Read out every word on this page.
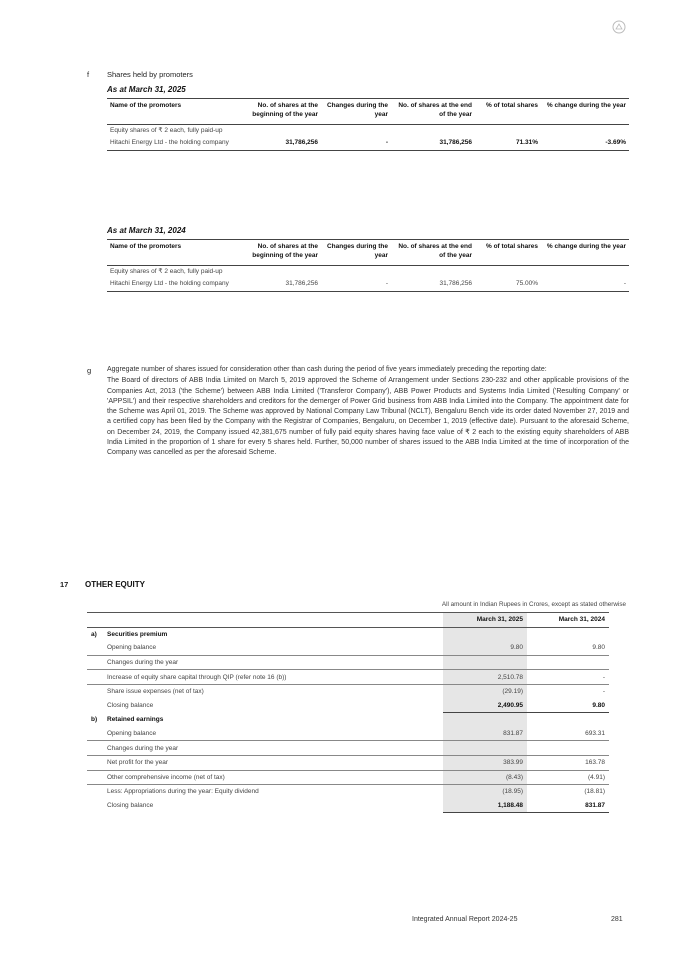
f Shares held by promoters
As at March 31, 2025
Name of the promoters	No. of shares at the beginning of the year	Changes during the year	No. of shares at the end of the year	% of total shares	% change during the year
Equity shares of ₹ 2 each, fully paid-up					
Hitachi Energy Ltd - the holding company	31,786,256	-	31,786,256	71.31%	-3.69%
As at March 31, 2024
Name of the promoters	No. of shares at the beginning of the year	Changes during the year	No. of shares at the end of the year	% of total shares	% change during the year
Equity shares of ₹ 2 each, fully paid-up					
Hitachi Energy Ltd - the holding company	31,786,256	-	31,786,256	75.00%	-
g Aggregate number of shares issued for consideration other than cash during the period of five years immediately preceding the reporting date:
The Board of directors of ABB India Limited on March 5, 2019 approved the Scheme of Arrangement under Sections 230-232 and other applicable provisions of the Companies Act, 2013 ('the Scheme') between ABB India Limited ('Transferor Company'), ABB Power Products and Systems India Limited ('Resulting Company' or 'APPSIL') and their respective shareholders and creditors for the demerger of Power Grid business from ABB India Limited into the Company. The appointment date for the Scheme was April 01, 2019. The Scheme was approved by National Company Law Tribunal (NCLT), Bengaluru Bench vide its order dated November 27, 2019 and a certified copy has been filed by the Company with the Registrar of Companies, Bengaluru, on December 1, 2019 (effective date). Pursuant to the aforesaid Scheme, on December 24, 2019, the Company issued 42,381,675 number of fully paid equity shares having face value of ₹ 2 each to the existing equity shareholders of ABB India Limited in the proportion of 1 share for every 5 shares held. Further, 50,000 number of shares issued to the ABB India Limited at the time of incorporation of the Company was cancelled as per the aforesaid Scheme.
17 OTHER EQUITY
All amount in Indian Rupees in Crores, except as stated otherwise
		March 31, 2025	March 31, 2024
a)	Securities premium		
	Opening balance	9.80	9.80
	Changes during the year		
	Increase of equity share capital through QIP (refer note 16 (b))	2,510.78	-
	Share issue expenses (net of tax)	(29.19)	-
	Closing balance	2,490.95	9.80
b)	Retained earnings		
	Opening balance	831.87	693.31
	Changes during the year		
	Net profit for the year	383.99	163.78
	Other comprehensive income (net of tax)	(8.43)	(4.91)
	Less: Appropriations during the year: Equity dividend	(18.95)	(18.81)
	Closing balance	1,188.48	831.87
Integrated Annual Report 2024-25	281
